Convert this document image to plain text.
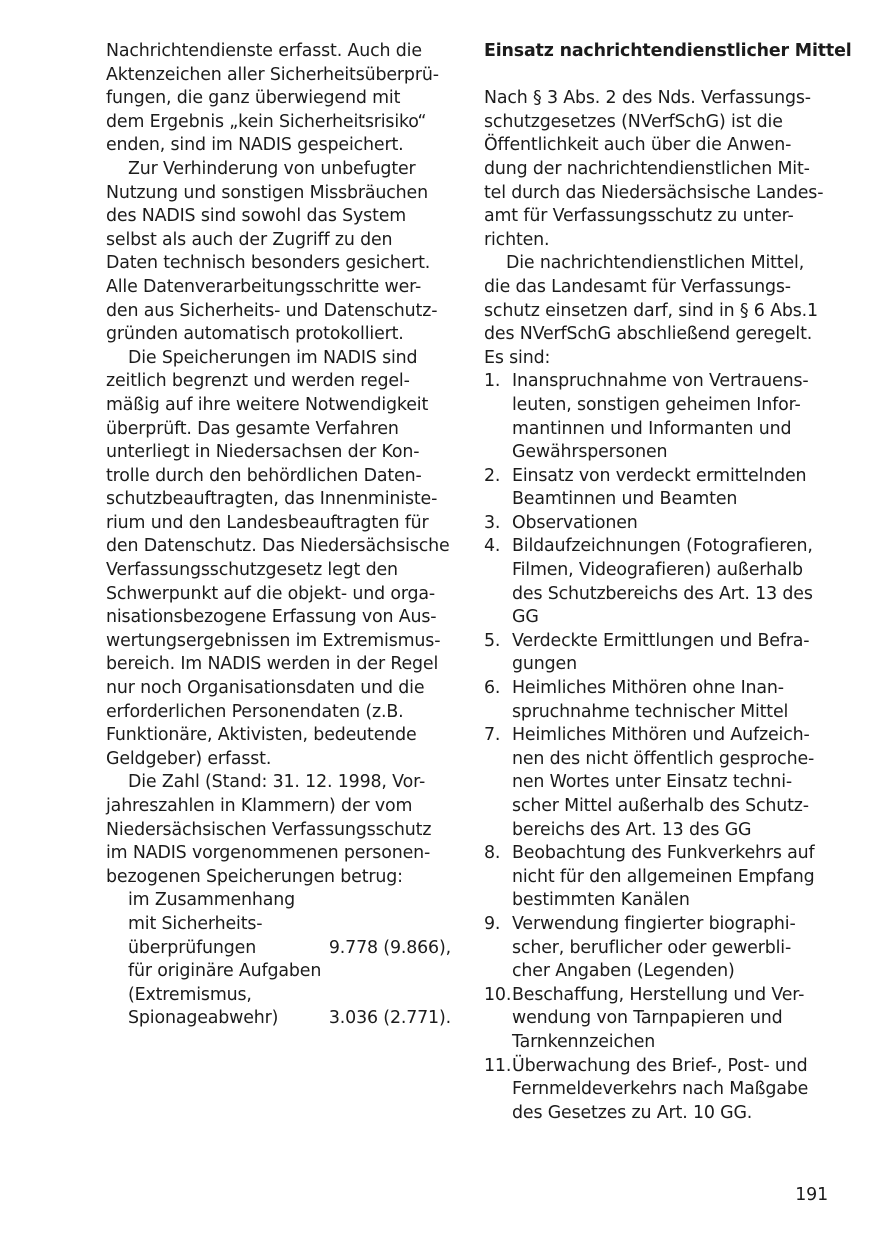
Nachrichtendienste erfasst. Auch die
Aktenzeichen aller Sicherheitsüberprü-
fungen, die ganz überwiegend mit
dem Ergebnis „kein Sicherheitsrisiko“
enden, sind im NADIS gespeichert.
Zur Verhinderung von unbefugter
Nutzung und sonstigen Missbräuchen
des NADIS sind sowohl das System
selbst als auch der Zugriff zu den
Daten technisch besonders gesichert.
Alle Datenverarbeitungsschritte wer-
den aus Sicherheits- und Datenschutz-
gründen automatisch protokolliert.
Die Speicherungen im NADIS sind
zeitlich begrenzt und werden regel-
mäßig auf ihre weitere Notwendigkeit
überprüft. Das gesamte Verfahren
unterliegt in Niedersachsen der Kon-
trolle durch den behördlichen Daten-
schutzbeauftragten, das Innenministe-
rium und den Landesbeauftragten für
den Datenschutz. Das Niedersächsische
Verfassungsschutzgesetz legt den
Schwerpunkt auf die objekt- und orga-
nisationsbezogene Erfassung von Aus-
wertungsergebnissen im Extremismus-
bereich. Im NADIS werden in der Regel
nur noch Organisationsdaten und die
erforderlichen Personendaten (z.B.
Funktionäre, Aktivisten, bedeutende
Geldgeber) erfasst.
Die Zahl (Stand: 31. 12. 1998, Vor-
jahreszahlen in Klammern) der vom
Niedersächsischen Verfassungsschutz
im NADIS vorgenommenen personen-
bezogenen Speicherungen betrug:
im Zusammenhang
mit Sicherheits-
überprüfungen	9.778 (9.866),
für originäre Aufgaben
(Extremismus,
Spionageabwehr)	3.036 (2.771).
Einsatz nachrichtendienstlicher Mittel
Nach § 3 Abs. 2 des Nds. Verfassungs-
schutzgesetzes (NVerfSchG) ist die
Öffentlichkeit auch über die Anwen-
dung der nachrichtendienstlichen Mit-
tel durch das Niedersächsische Landes-
amt für Verfassungsschutz zu unter-
richten.
Die nachrichtendienstlichen Mittel,
die das Landesamt für Verfassungs-
schutz einsetzen darf, sind in § 6 Abs.1
des NVerfSchG abschließend geregelt.
Es sind:
1. Inanspruchnahme von Vertrauens-
leuten, sonstigen geheimen Infor-
mantinnen und Informanten und
Gewährspersonen
2. Einsatz von verdeckt ermittelnden
Beamtinnen und Beamten
3. Observationen
4. Bildaufzeichnungen (Fotografieren,
Filmen, Videografieren) außerhalb
des Schutzbereichs des Art. 13 des
GG
5. Verdeckte Ermittlungen und Befra-
gungen
6. Heimliches Mithören ohne Inan-
spruchnahme technischer Mittel
7. Heimliches Mithören und Aufzeich-
nen des nicht öffentlich gesproche-
nen Wortes unter Einsatz techni-
scher Mittel außerhalb des Schutz-
bereichs des Art. 13 des GG
8. Beobachtung des Funkverkehrs auf
nicht für den allgemeinen Empfang
bestimmten Kanälen
9. Verwendung fingierter biographi-
scher, beruflicher oder gewerbli-
cher Angaben (Legenden)
10. Beschaffung, Herstellung und Ver-
wendung von Tarnpapieren und
Tarnkennzeichen
11. Überwachung des Brief-, Post- und
Fernmeldeverkehrs nach Maßgabe
des Gesetzes zu Art. 10 GG.
191
